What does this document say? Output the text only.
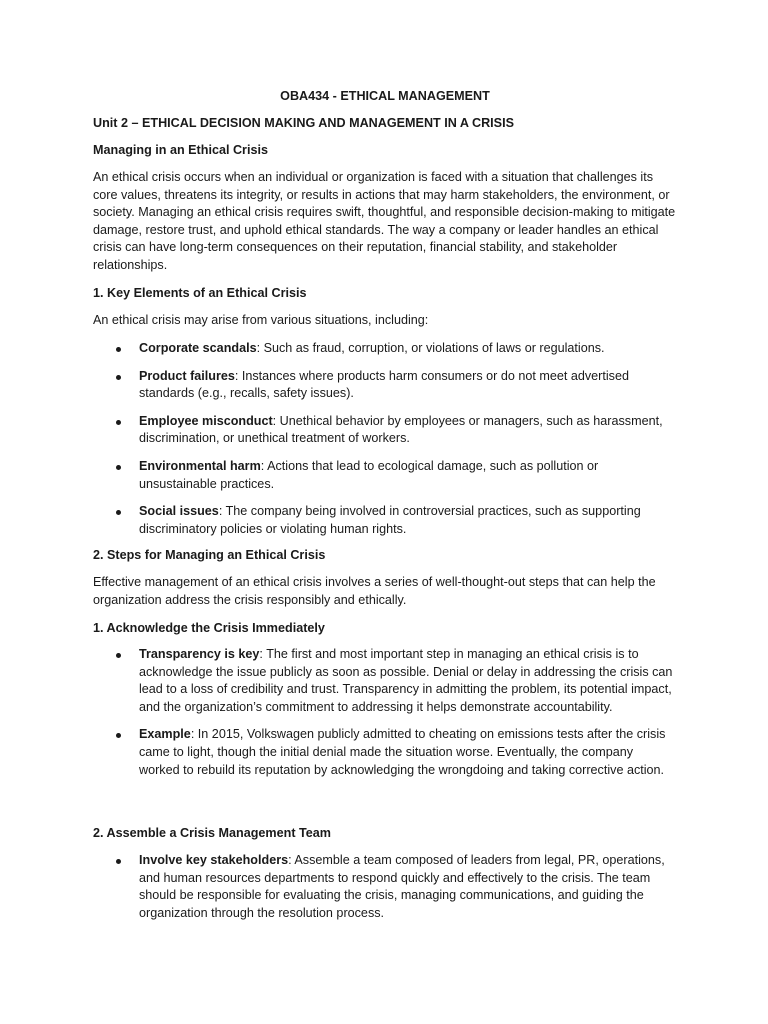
OBA434 - ETHICAL MANAGEMENT
Unit 2 – ETHICAL DECISION MAKING AND MANAGEMENT IN A CRISIS
Managing in an Ethical Crisis
An ethical crisis occurs when an individual or organization is faced with a situation that challenges its core values, threatens its integrity, or results in actions that may harm stakeholders, the environment, or society. Managing an ethical crisis requires swift, thoughtful, and responsible decision-making to mitigate damage, restore trust, and uphold ethical standards. The way a company or leader handles an ethical crisis can have long-term consequences on their reputation, financial stability, and stakeholder relationships.
1. Key Elements of an Ethical Crisis
An ethical crisis may arise from various situations, including:
Corporate scandals: Such as fraud, corruption, or violations of laws or regulations.
Product failures: Instances where products harm consumers or do not meet advertised standards (e.g., recalls, safety issues).
Employee misconduct: Unethical behavior by employees or managers, such as harassment, discrimination, or unethical treatment of workers.
Environmental harm: Actions that lead to ecological damage, such as pollution or unsustainable practices.
Social issues: The company being involved in controversial practices, such as supporting discriminatory policies or violating human rights.
2. Steps for Managing an Ethical Crisis
Effective management of an ethical crisis involves a series of well-thought-out steps that can help the organization address the crisis responsibly and ethically.
1. Acknowledge the Crisis Immediately
Transparency is key: The first and most important step in managing an ethical crisis is to acknowledge the issue publicly as soon as possible. Denial or delay in addressing the crisis can lead to a loss of credibility and trust. Transparency in admitting the problem, its potential impact, and the organization’s commitment to addressing it helps demonstrate accountability.
Example: In 2015, Volkswagen publicly admitted to cheating on emissions tests after the crisis came to light, though the initial denial made the situation worse. Eventually, the company worked to rebuild its reputation by acknowledging the wrongdoing and taking corrective action.
2. Assemble a Crisis Management Team
Involve key stakeholders: Assemble a team composed of leaders from legal, PR, operations, and human resources departments to respond quickly and effectively to the crisis. The team should be responsible for evaluating the crisis, managing communications, and guiding the organization through the resolution process.
